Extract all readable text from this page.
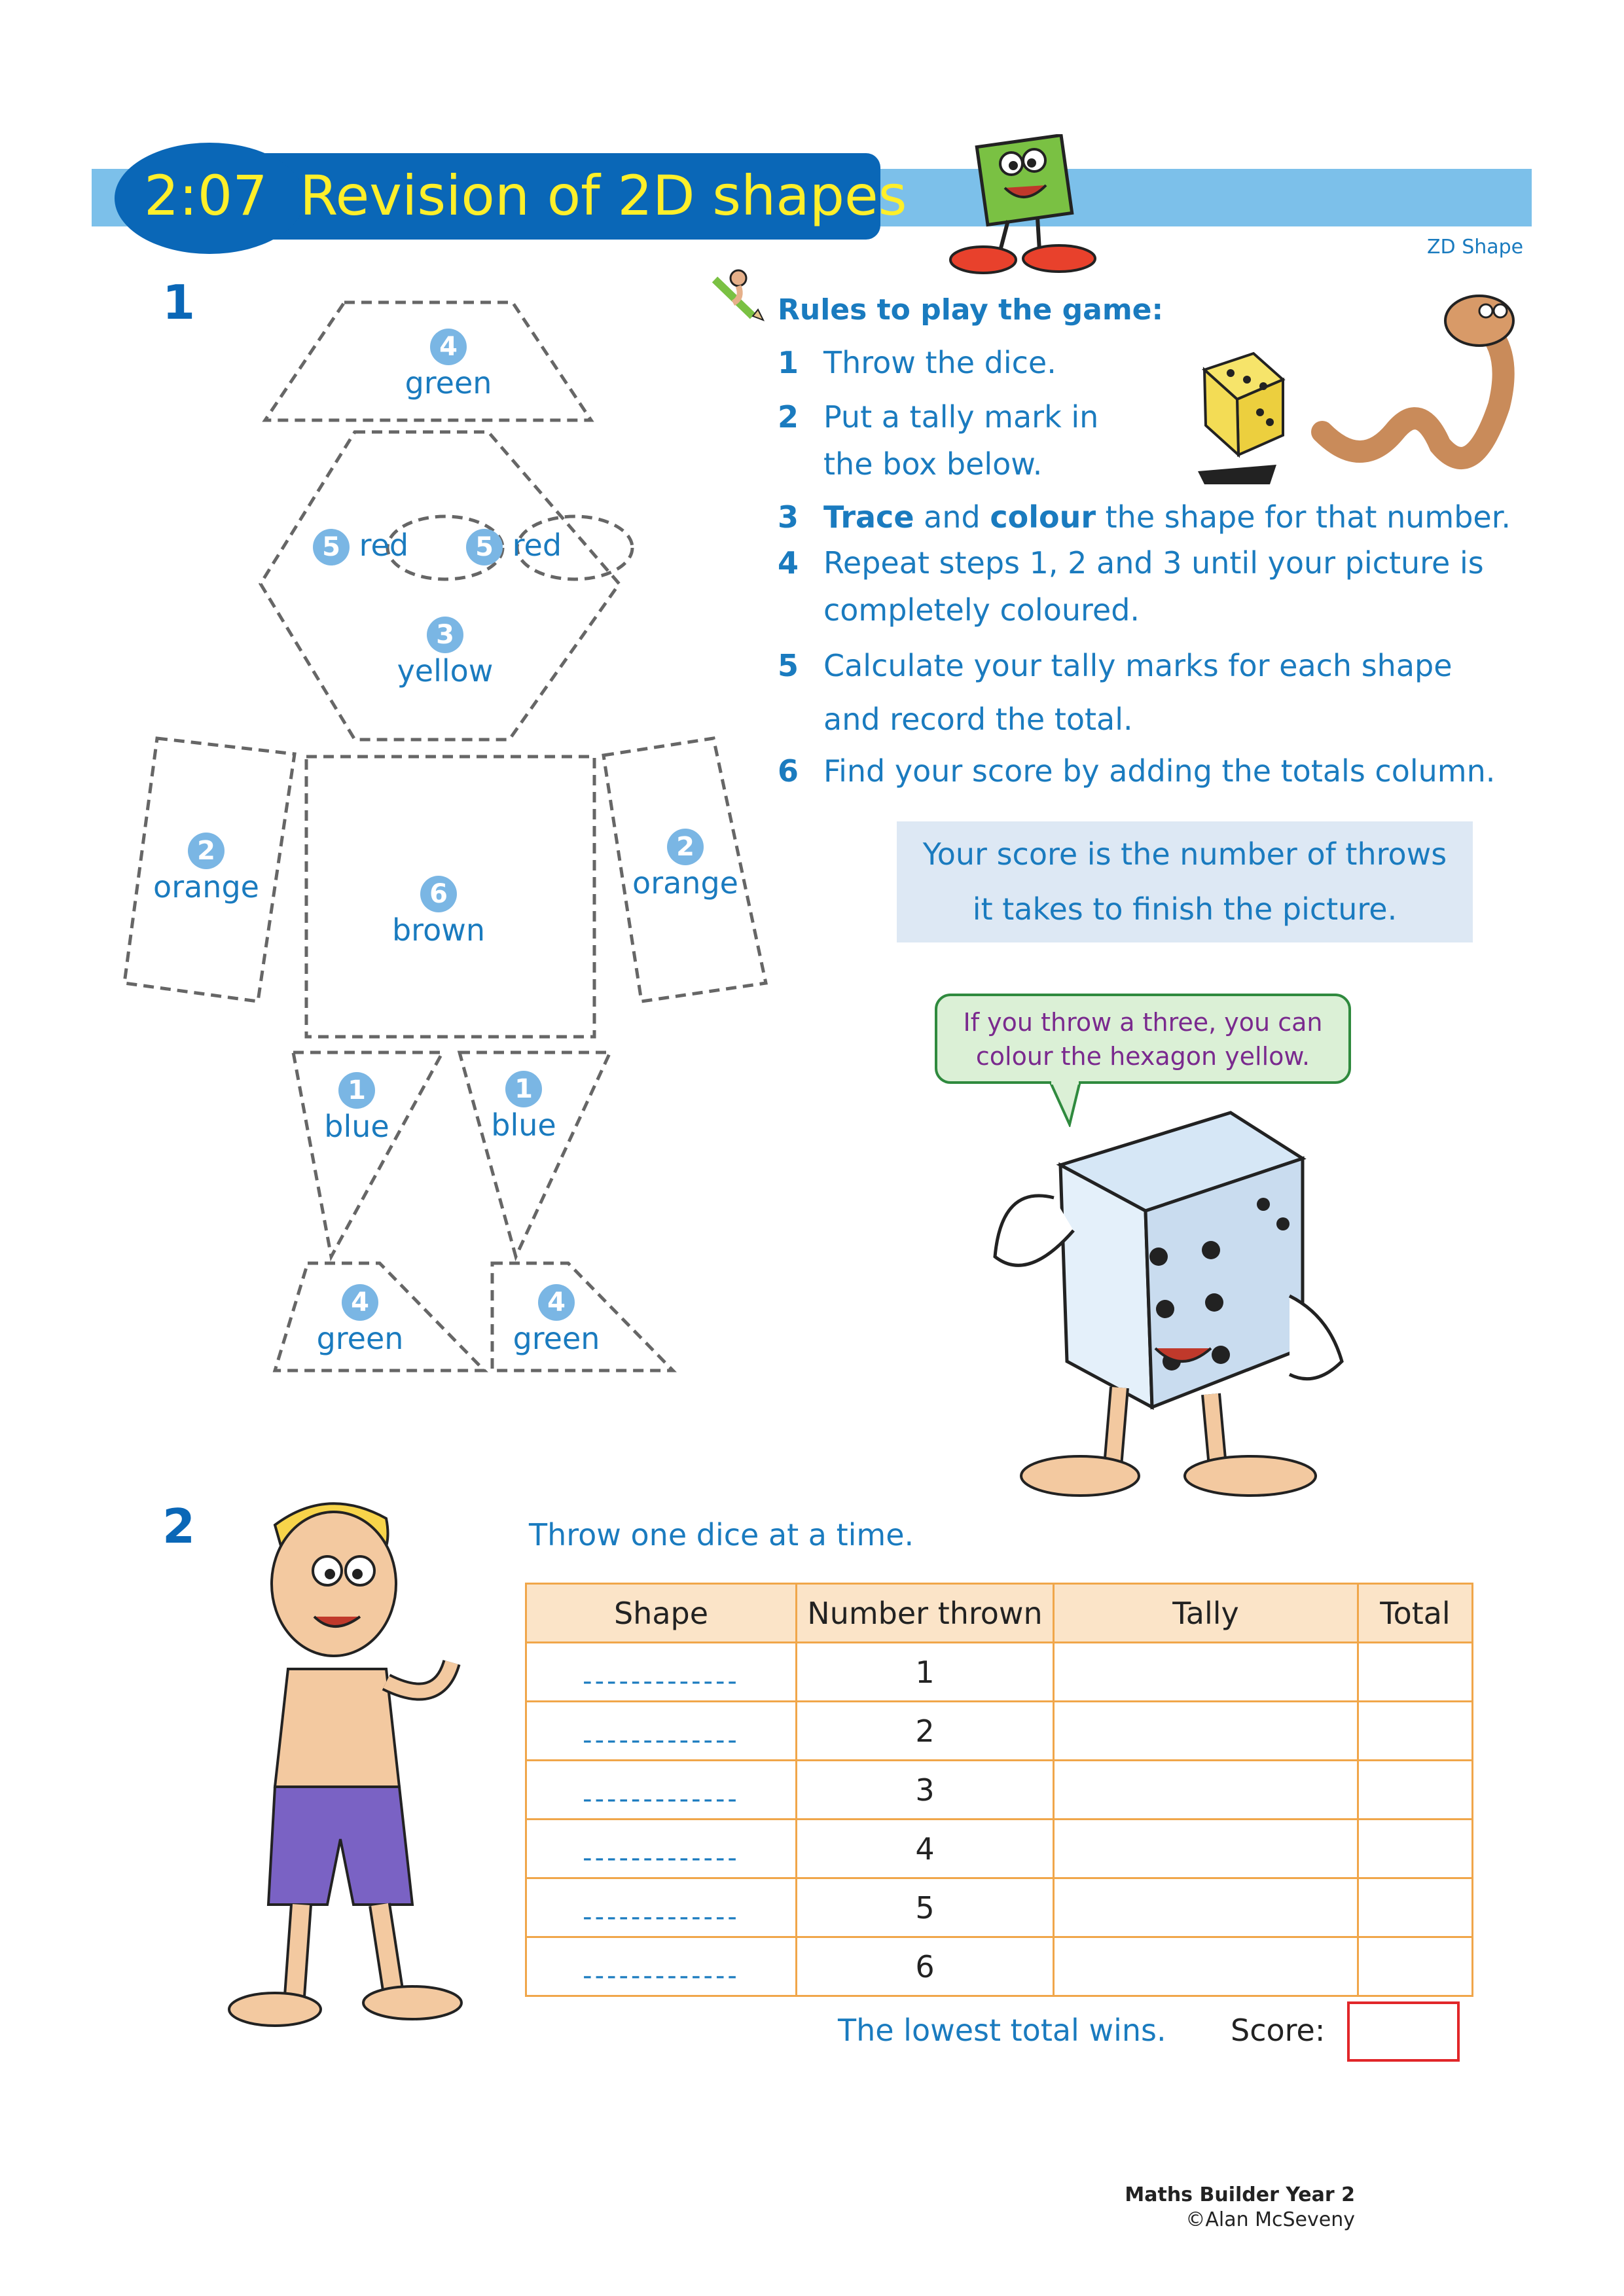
2:07 Revision of 2D shapes
ZD Shape
1
4
green
5 red	5 red
3
yellow
2
orange	6
brown
2
orange
1
blue
1
blue
4
green
4
green
Rules to play the game:
1 Throw the dice.
2 Put a tally mark in
the box below.
3 Trace and colour the shape for that number.
4 Repeat steps 1, 2 and 3 until your picture is
completely coloured.
5 Calculate your tally marks for each shape
and record the total.
6 Find your score by adding the totals column.
Your score is the number of throws
it takes to finish the picture.
If you throw a three, you can
colour the hexagon yellow.
2	Throw one dice at a time.
Shape	Number thrown	Tally	Total

-------------	1		

-------------	2		

-------------	3		

-------------	4		

-------------	5		

-------------	6		
The lowest total wins. Score:
Maths Builder Year 2
©Alan McSeveny
